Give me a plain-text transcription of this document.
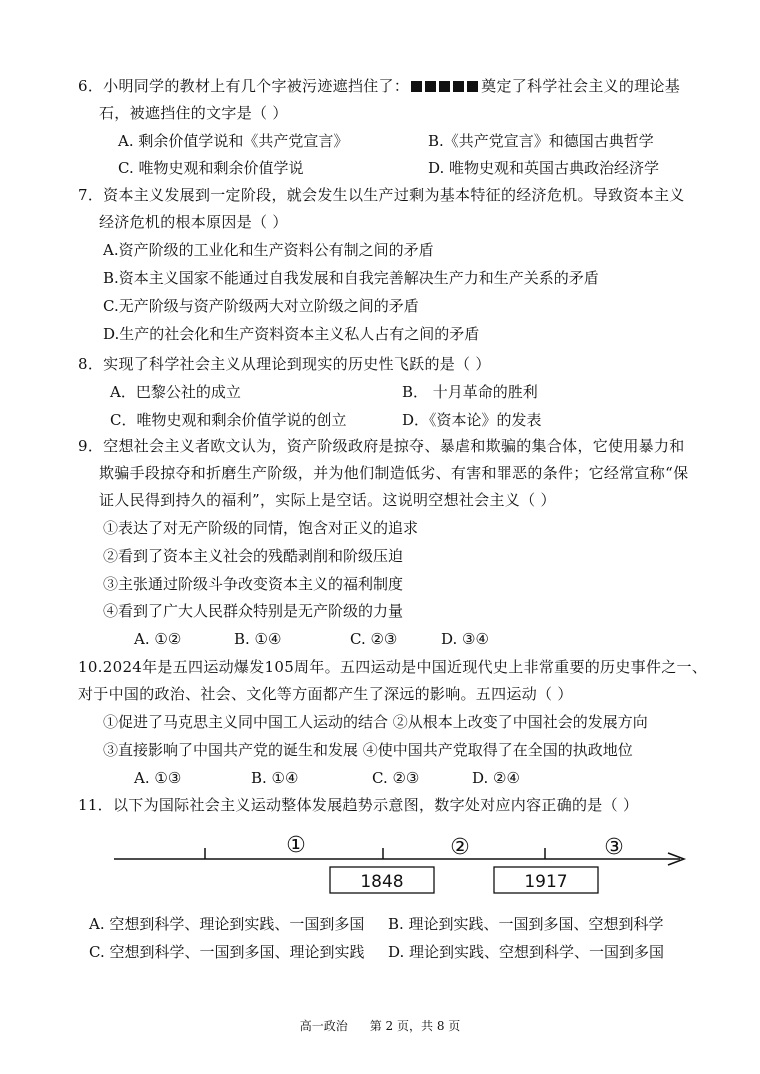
6．小明同学的教材上有几个字被污迹遮挡住了：	奠定了科学社会主义的理论基
石，被遮挡住的文字是（ ）
A. 剩余价值学说和《共产党宣言》	B.《共产党宣言》和德国古典哲学
C. 唯物史观和剩余价值学说	D. 唯物史观和英国古典政治经济学
7．资本主义发展到一定阶段，就会发生以生产过剩为基本特征的经济危机。导致资本主义
经济危机的根本原因是（ ）
A.资产阶级的工业化和生产资料公有制之间的矛盾
B.资本主义国家不能通过自我发展和自我完善解决生产力和生产关系的矛盾
C.无产阶级与资产阶级两大对立阶级之间的矛盾
D.生产的社会化和生产资料资本主义私人占有之间的矛盾
8．实现了科学社会主义从理论到现实的历史性飞跃的是（ ）
A．巴黎公社的成立	B． 十月革命的胜利
C．唯物史观和剩余价值学说的创立	D．《资本论》的发表
9．空想社会主义者欧文认为，资产阶级政府是掠夺、暴虐和欺骗的集合体，它使用暴力和
欺骗手段掠夺和折磨生产阶级，并为他们制造低劣、有害和罪恶的条件；它经常宣称“保
证人民得到持久的福利”，实际上是空话。这说明空想社会主义（ ）
①表达了对无产阶级的同情，饱含对正义的追求
②看到了资本主义社会的残酷剥削和阶级压迫
③主张通过阶级斗争改变资本主义的福利制度
④看到了广大人民群众特别是无产阶级的力量
A. ①②	B. ①④	C. ②③	D. ③④
10.2024年是五四运动爆发105周年。五四运动是中国近现代史上非常重要的历史事件之一、
对于中国的政治、社会、文化等方面都产生了深远的影响。五四运动（ ）
①促进了马克思主义同中国工人运动的结合 ②从根本上改变了中国社会的发展方向
③直接影响了中国共产党的诞生和发展 ④使中国共产党取得了在全国的执政地位
A. ①③	B. ①④	C. ②③	D. ②④
11．以下为国际社会主义运动整体发展趋势示意图，数字处对应内容正确的是（ ）
①	②	③
1848	1917
A. 空想到科学、理论到实践、一国到多国 B. 理论到实践、一国到多国、空想到科学
C. 空想到科学、一国到多国、理论到实践 D. 理论到实践、空想到科学、一国到多国
高一政治 第 2 页，共 8 页
